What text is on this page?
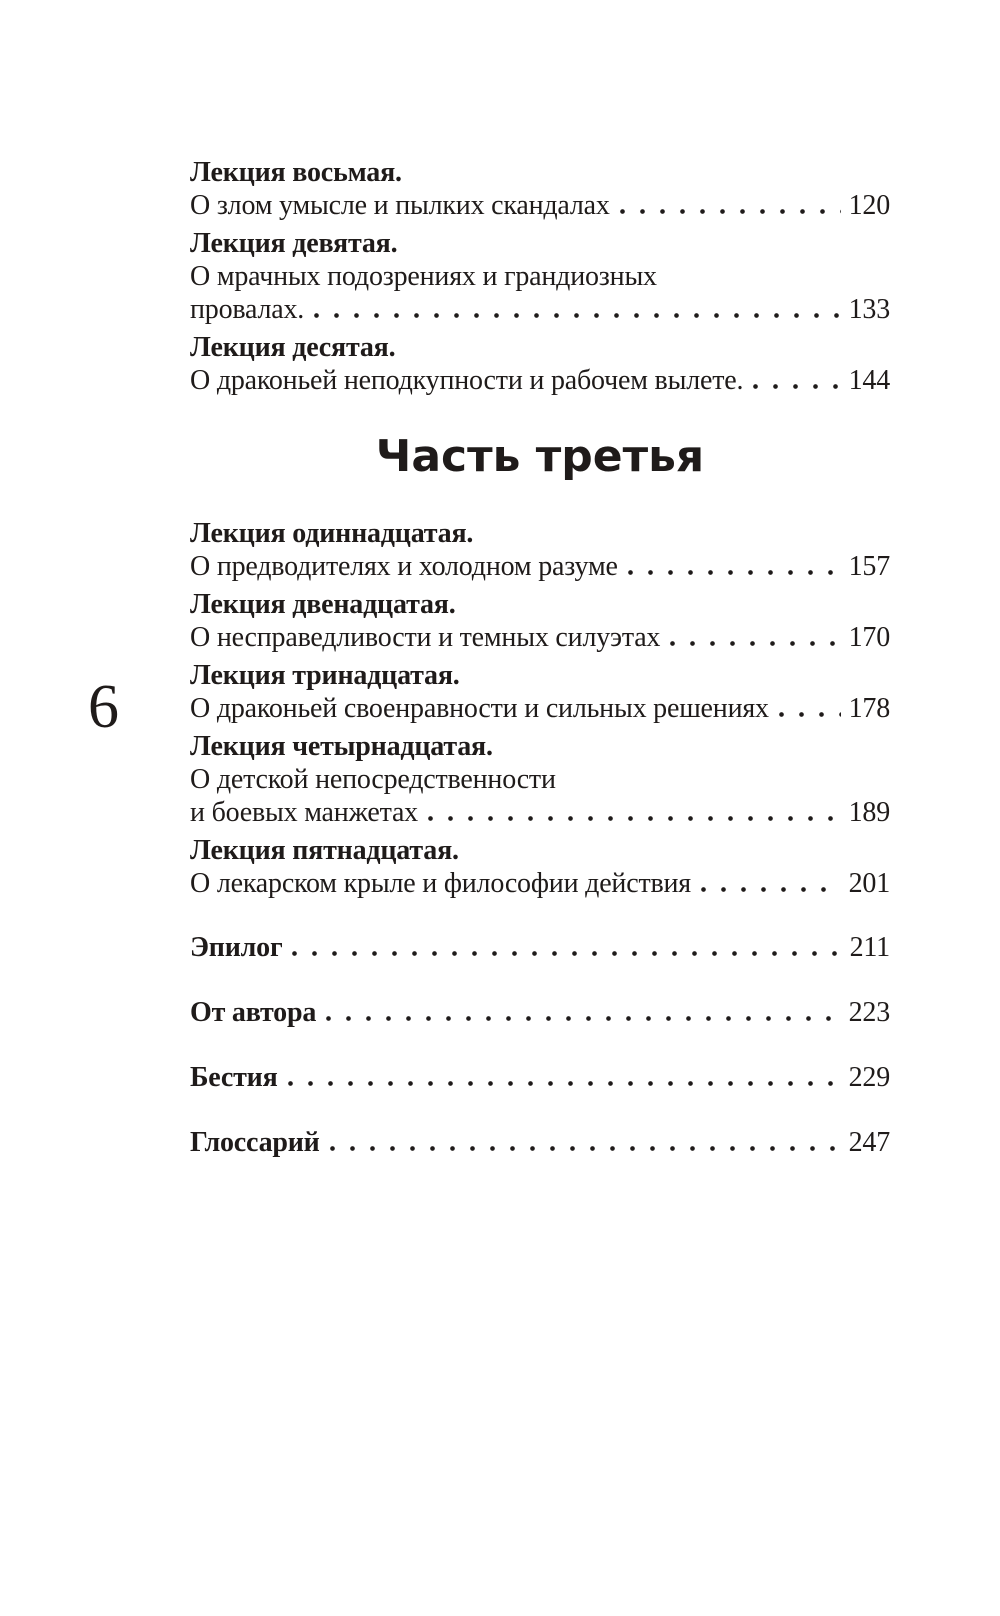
6
Лекция восьмая.
О злом умысле и пылких скандалах	120
Лекция девятая.
О мрачных подозрениях и грандиозных
провалах.	133
Лекция десятая.
О драконьей неподкупности и рабочем вылете.	144
Часть третья
Лекция одиннадцатая.
О предводителях и холодном разуме	157
Лекция двенадцатая.
О несправедливости и темных силуэтах	170
Лекция тринадцатая.
О драконьей своенравности и сильных решениях	178
Лекция четырнадцатая.
О детской непосредственности
и боевых манжетах	189
Лекция пятнадцатая.
О лекарском крыле и философии действия	201
Эпилог	211
От автора	223
Бестия	229
Глоссарий	247
